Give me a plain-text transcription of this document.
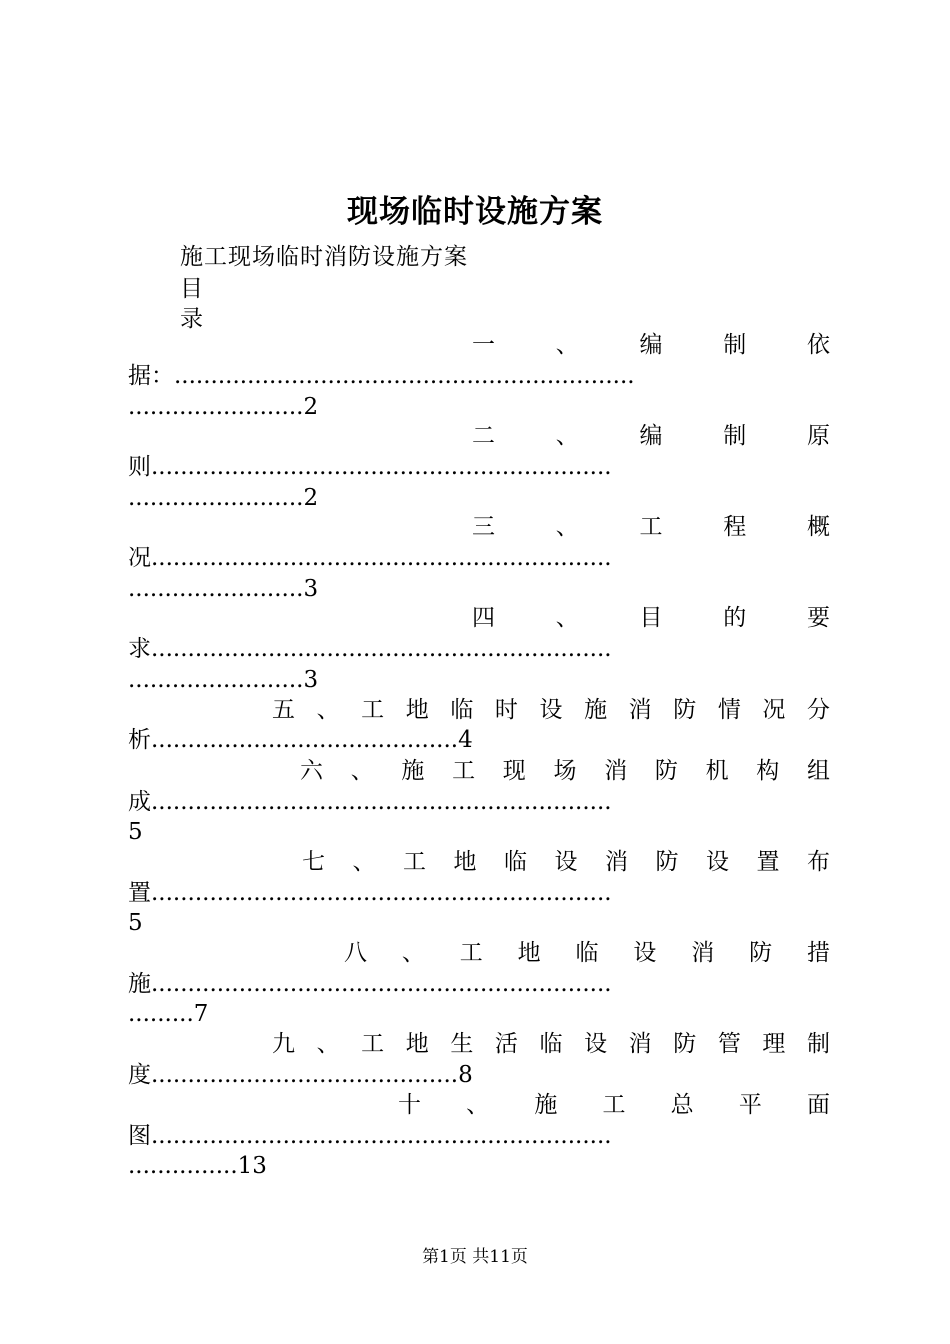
现场临时设施方案
施工现场临时消防设施方案
目
录
一 、 编 制 依
据：...............................................................
........................2
二 、 编 制 原
则...............................................................
........................2
三 、 工 程 概
况...............................................................
........................3
四 、 目 的 要
求...............................................................
........................3
五 、 工 地 临 时 设 施 消 防 情 况 分
析..........................................4
六 、 施 工 现 场 消 防 机 构 组
成...............................................................
5
七 、 工 地 临 设 消 防 设 置 布
置...............................................................
5
八 、 工 地 临 设 消 防 措
施...............................................................
.........7
九 、 工 地 生 活 临 设 消 防 管 理 制
度..........................................8
十 、 施 工 总 平 面
图...............................................................
...............13
第1页 共11页
